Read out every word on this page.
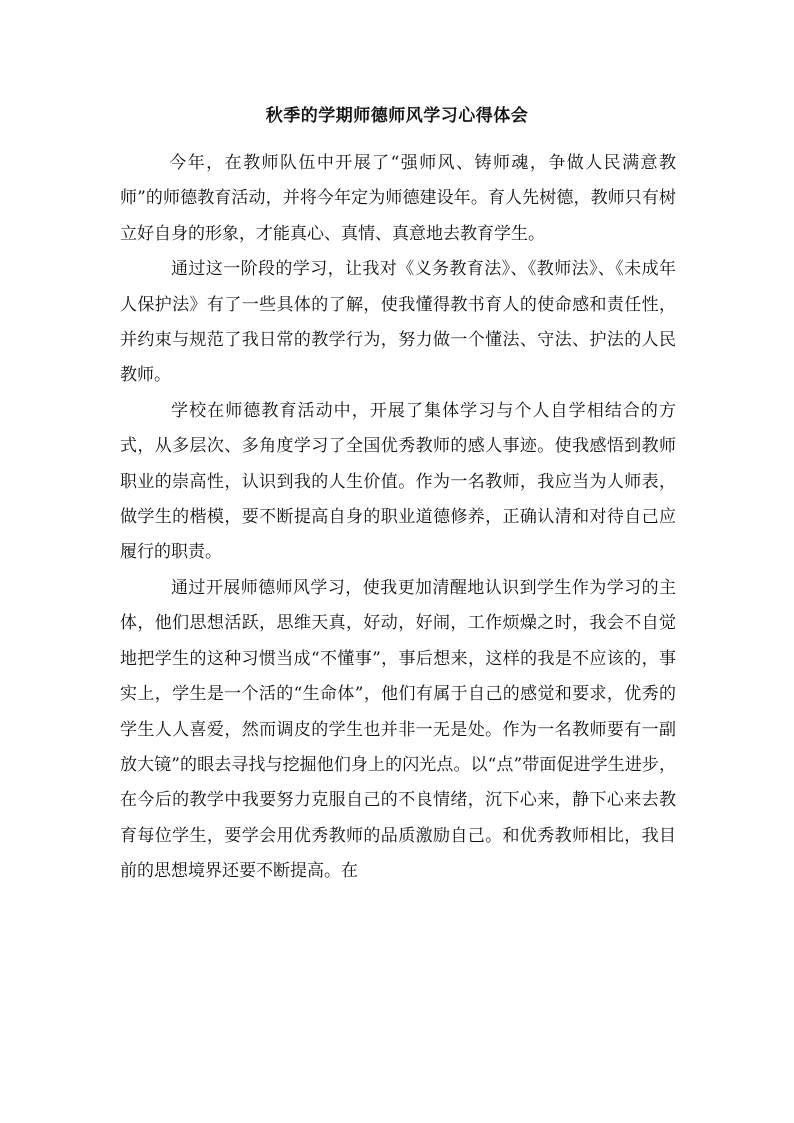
秋季的学期师德师风学习心得体会

今年，在教师队伍中开展了“强师风、铸师魂，争做人民满意教师”的师德教育活动，并将今年定为师德建设年。育人先树德，教师只有树立好自身的形象，才能真心、真情、真意地去教育学生。

通过这一阶段的学习，让我对《义务教育法》、《教师法》、《未成年人保护法》有了一些具体的了解，使我懂得教书育人的使命感和责任性，并约束与规范了我日常的教学行为，努力做一个懂法、守法、护法的人民教师。

学校在师德教育活动中，开展了集体学习与个人自学相结合的方式，从多层次、多角度学习了全国优秀教师的感人事迹。使我感悟到教师职业的崇高性，认识到我的人生价值。作为一名教师，我应当为人师表，做学生的楷模，要不断提高自身的职业道德修养，正确认清和对待自己应履行的职责。

通过开展师德师风学习，使我更加清醒地认识到学生作为学习的主体，他们思想活跃，思维天真，好动，好闹，工作烦燥之时，我会不自觉地把学生的这种习惯当成“不懂事”，事后想来，这样的我是不应该的，事实上，学生是一个活的“生命体”，他们有属于自己的感觉和要求，优秀的学生人人喜爱，然而调皮的学生也并非一无是处。作为一名教师要有一副放大镜”的眼去寻找与挖掘他们身上的闪光点。以“点”带面促进学生进步，在今后的教学中我要努力克服自己的不良情绪，沉下心来，静下心来去教育每位学生，要学会用优秀教师的品质激励自己。和优秀教师相比，我目前的思想境界还要不断提高。在
